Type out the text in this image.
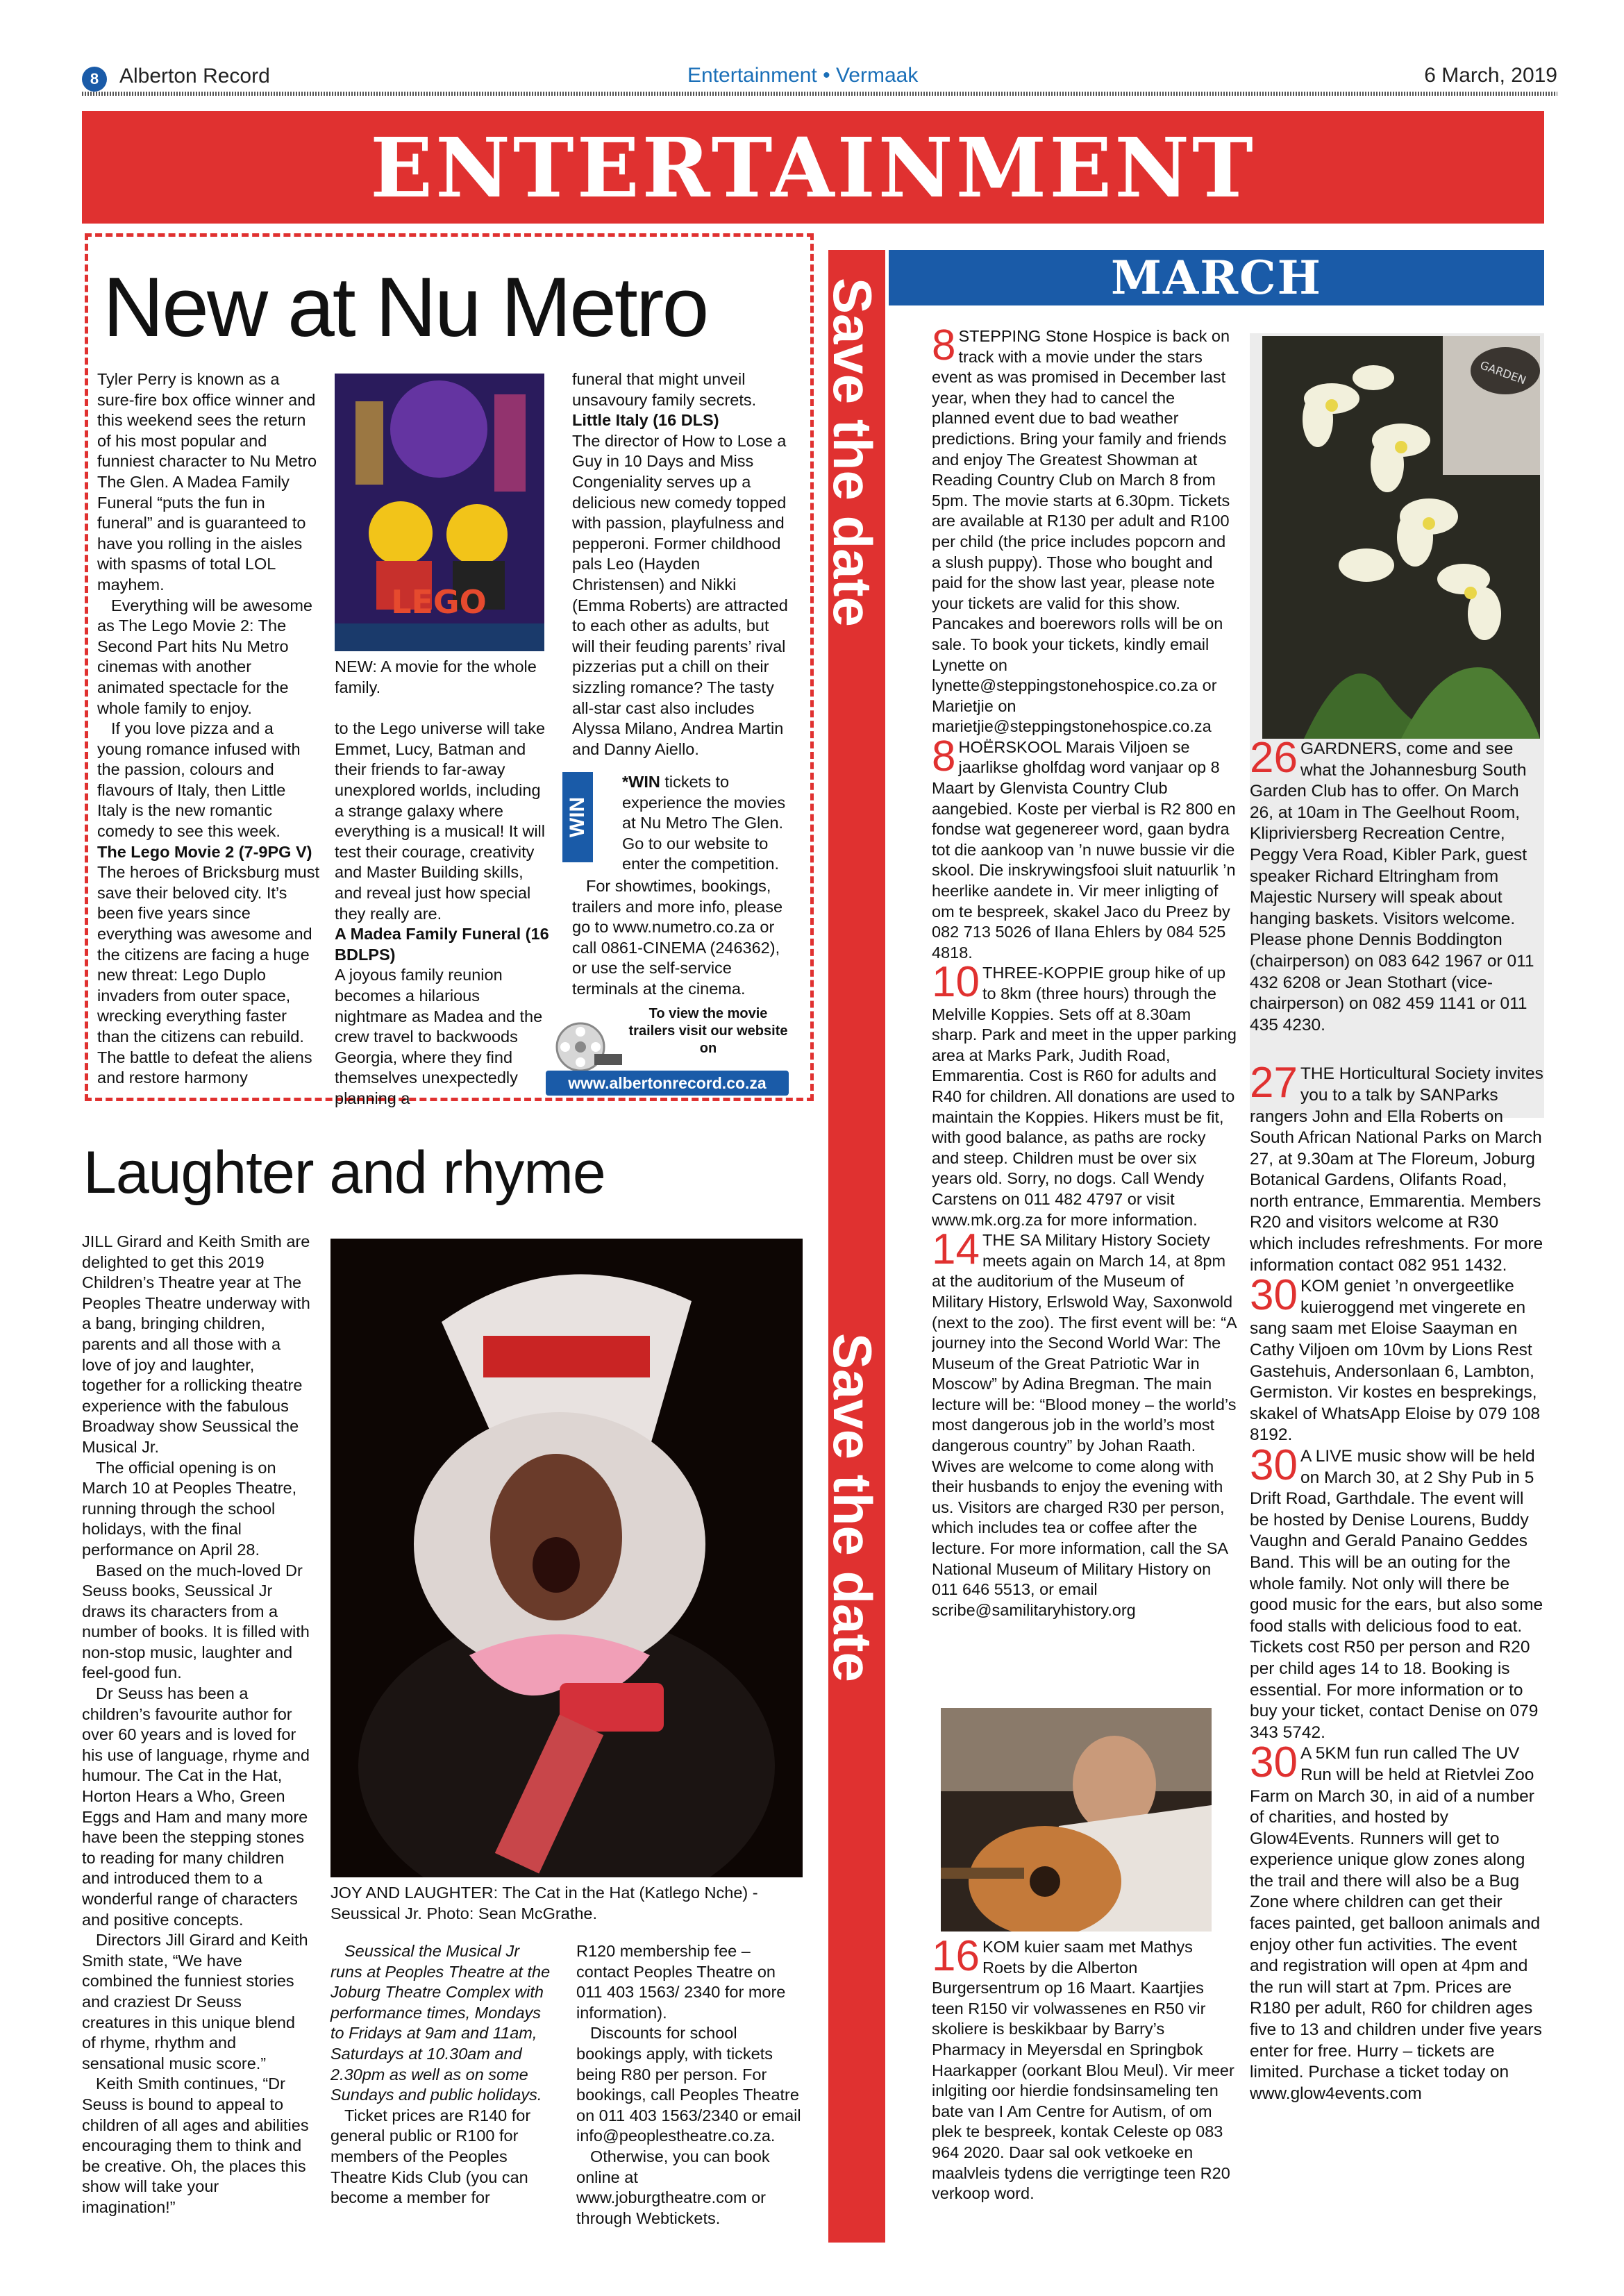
8 Alberton Record	Entertainment • Vermaak	6 March, 2019
ENTERTAINMENT
New at Nu Metro

Tyler Perry is known as a sure-fire box office winner and this weekend sees the return of his most popular and funniest character to Nu Metro The Glen. A Madea Family Funeral “puts the fun in funeral” and is guaranteed to have you rolling in the aisles with spasms of total LOL mayhem.

Everything will be awesome as The Lego Movie 2: The Second Part hits Nu Metro cinemas with another animated spectacle for the whole family to enjoy.

If you love pizza and a young romance infused with the passion, colours and flavours of Italy, then Little Italy is the new romantic comedy to see this week.

The Lego Movie 2 (7-9PG V)

The heroes of Bricksburg must save their beloved city. It’s been five years since everything was awesome and the citizens are facing a huge new threat: Lego Duplo invaders from outer space, wrecking everything faster than the citizens can rebuild. The battle to defeat the aliens and restore harmony

LEGO

NEW: A movie for the whole family.

to the Lego universe will take Emmet, Lucy, Batman and their friends to far-away unexplored worlds, including a strange galaxy where everything is a musical! It will test their courage, creativity and Master Building skills, and reveal just how special they really are.

A Madea Family Funeral (16 BDLPS)

A joyous family reunion becomes a hilarious nightmare as Madea and the crew travel to backwoods Georgia, where they find themselves unexpectedly planning a

funeral that might unveil unsavoury family secrets.

Little Italy (16 DLS)

The director of How to Lose a Guy in 10 Days and Miss Congeniality serves up a delicious new comedy topped with passion, playfulness and pepperoni. Former childhood pals Leo (Hayden Christensen) and Nikki (Emma Roberts) are attracted to each other as adults, but will their feuding parents’ rival pizzerias put a chill on their sizzling romance? The tasty all-star cast also includes Alyssa Milano, Andrea Martin and Danny Aiello.

WIN

*WIN tickets to experience the movies at Nu Metro The Glen. Go to our website to enter the competition.

For showtimes, bookings, trailers and more info, please go to www.numetro.co.za or call 0861-CINEMA (246362), or use the self-service terminals at the cinema.

To view the movie trailers visit our website on
www.albertonrecord.co.za
Laughter and rhyme

JILL Girard and Keith Smith are delighted to get this 2019 Children’s Theatre year at The Peoples Theatre underway with a bang, bringing children, parents and all those with a love of joy and laughter, together for a rollicking theatre experience with the fabulous Broadway show Seussical the Musical Jr.

The official opening is on March 10 at Peoples Theatre, running through the school holidays, with the final performance on April 28.

Based on the much-loved Dr Seuss books, Seussical Jr draws its characters from a number of books. It is filled with non-stop music, laughter and feel-good fun.

Dr Seuss has been a children’s favourite author for over 60 years and is loved for his use of language, rhyme and humour. The Cat in the Hat, Horton Hears a Who, Green Eggs and Ham and many more have been the stepping stones to reading for many children and introduced them to a wonderful range of characters and positive concepts.

Directors Jill Girard and Keith Smith state, “We have combined the funniest stories and craziest Dr Seuss creatures in this unique blend of rhyme, rhythm and sensational music score.”

Keith Smith continues, “Dr Seuss is bound to appeal to children of all ages and abilities encouraging them to think and be creative. Oh, the places this show will take your imagination!”

JOY AND LAUGHTER: The Cat in the Hat (Katlego Nche) - Seussical Jr. Photo: Sean McGrathe.

Seussical the Musical Jr runs at Peoples Theatre at the Joburg Theatre Complex with performance times, Mondays to Fridays at 9am and 11am, Saturdays at 10.30am and 2.30pm as well as on some Sundays and public holidays.

Ticket prices are R140 for general public or R100 for members of the Peoples Theatre Kids Club (you can become a member for

R120 membership fee – contact Peoples Theatre on 011 403 1563/ 2340 for more information).

Discounts for school bookings apply, with tickets being R80 per person. For bookings, call Peoples Theatre on 011 403 1563/2340 or email info@peoplestheatre.co.za.

Otherwise, you can book online at www.joburgtheatre.com or through Webtickets.

Save the date
Save the date
MARCH
8 STEPPING Stone Hospice is back on track with a movie under the stars event as was promised in December last year, when they had to cancel the planned event due to bad weather predictions. Bring your family and friends and enjoy The Greatest Showman at Reading Country Club on March 8 from 5pm. The movie starts at 6.30pm. Tickets are available at R130 per adult and R100 per child (the price includes popcorn and a slush puppy). Those who bought and paid for the show last year, please note your tickets are valid for this show. Pancakes and boerewors rolls will be on sale. To book your tickets, kindly email Lynette on lynette@steppingstonehospice.co.za or Marietjie on marietjie@steppingstonehospice.co.za

8 HOËRSKOOL Marais Viljoen se jaarlikse gholfdag word vanjaar op 8 Maart by Glenvista Country Club aangebied. Koste per vierbal is R2 800 en fondse wat gegenereer word, gaan bydra tot die aankoop van ’n nuwe bussie vir die skool. Die inskrywingsfooi sluit natuurlik ’n heerlike aandete in. Vir meer inligting of om te bespreek, skakel Jaco du Preez by 082 713 5026 of Ilana Ehlers by 084 525 4818.

10 THREE-KOPPIE group hike of up to 8km (three hours) through the Melville Koppies. Sets off at 8.30am sharp. Park and meet in the upper parking area at Marks Park, Judith Road, Emmarentia. Cost is R60 for adults and R40 for children. All donations are used to maintain the Koppies. Hikers must be fit, with good balance, as paths are rocky and steep. Children must be over six years old. Sorry, no dogs. Call Wendy Carstens on 011 482 4797 or visit www.mk.org.za for more information.

14 THE SA Military History Society meets again on March 14, at 8pm at the auditorium of the Museum of Military History, Erlswold Way, Saxonwold (next to the zoo). The first event will be: “A journey into the Second World War: The Museum of the Great Patriotic War in Moscow” by Adina Bregman. The main lecture will be: “Blood money – the world’s most dangerous job in the world’s most dangerous country” by Johan Raath. Wives are welcome to come along with their husbands to enjoy the evening with us. Visitors are charged R30 per person, which includes tea or coffee after the lecture. For more information, call the SA National Museum of Military History on 011 646 5513, or email scribe@samilitaryhistory.org

16 KOM kuier saam met Mathys Roets by die Alberton Burgersentrum op 16 Maart. Kaartjies teen R150 vir volwassenes en R50 vir skoliere is beskikbaar by Barry’s Pharmacy in Meyersdal en Springbok Haarkapper (oorkant Blou Meul). Vir meer inlgiting oor hierdie fondsinsameling ten bate van I Am Centre for Autism, of om plek te bespreek, kontak Celeste op 083 964 2020. Daar sal ook vetkoeke en maalvleis tydens die verrigtinge teen R20 verkoop word.

GARDEN
26 GARDNERS, come and see what the Johannesburg South Garden Club has to offer. On March 26, at 10am in The Geelhout Room, Klipriviersberg Recreation Centre, Peggy Vera Road, Kibler Park, guest speaker Richard Eltringham from Majestic Nursery will speak about hanging baskets. Visitors welcome. Please phone Dennis Boddington (chairperson) on 083 642 1967 or 011 432 6208 or Jean Stothart (vice-chairperson) on 082 459 1141 or 011 435 4230.

27 THE Horticultural Society invites you to a talk by SANParks rangers John and Ella Roberts on South African National Parks on March 27, at 9.30am at The Floreum, Joburg Botanical Gardens, Olifants Road, north entrance, Emmarentia. Members R20 and visitors welcome at R30 which includes refreshments. For more information contact 082 951 1432.

30 KOM geniet ’n onvergeetlike kuieroggend met vingerete en sang saam met Eloise Saayman en Cathy Viljoen om 10vm by Lions Rest Gastehuis, Andersonlaan 6, Lambton, Germiston. Vir kostes en besprekings, skakel of WhatsApp Eloise by 079 108 8192.

30 A LIVE music show will be held on March 30, at 2 Shy Pub in 5 Drift Road, Garthdale. The event will be hosted by Denise Lourens, Buddy Vaughn and Gerald Panaino Geddes Band. This will be an outing for the whole family. Not only will there be good music for the ears, but also some food stalls with delicious food to eat. Tickets cost R50 per person and R20 per child ages 14 to 18. Booking is essential. For more information or to buy your ticket, contact Denise on 079 343 5742.

30 A 5KM fun run called The UV Run will be held at Rietvlei Zoo Farm on March 30, in aid of a number of charities, and hosted by Glow4Events. Runners will get to experience unique glow zones along the trail and there will also be a Bug Zone where children can get their faces painted, get balloon animals and enjoy other fun activities. The event and registration will open at 4pm and the run will start at 7pm. Prices are R180 per adult, R60 for children ages five to 13 and children under five years enter for free. Hurry – tickets are limited. Purchase a ticket today on www.glow4events.com
